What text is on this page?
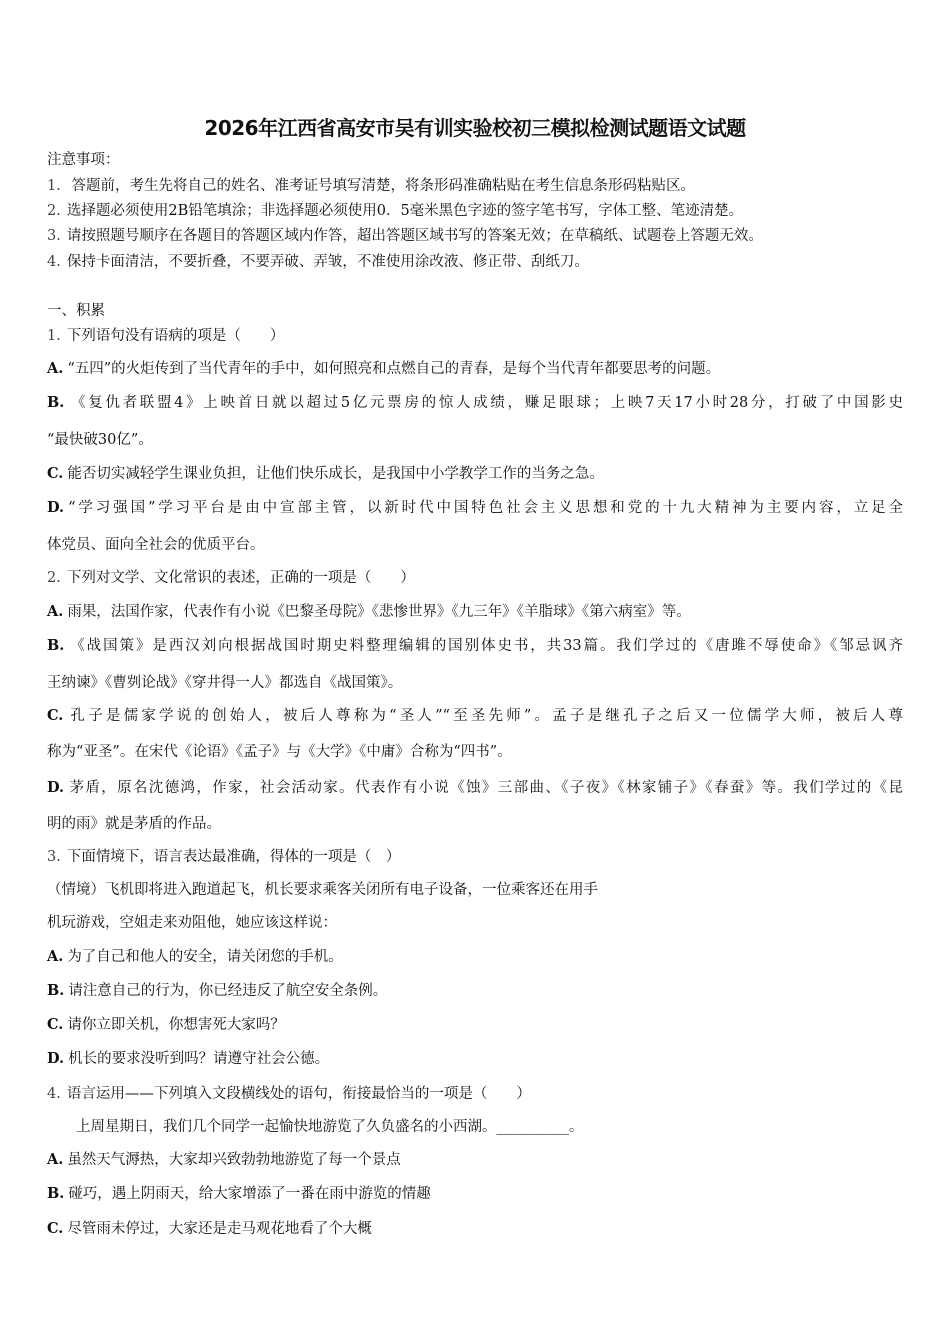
2026年江西省高安市吴有训实验校初三模拟检测试题语文试题
注意事项：
1. 答题前，考生先将自己的姓名、准考证号填写清楚，将条形码准确粘贴在考生信息条形码粘贴区。
2. 选择题必须使用2B铅笔填涂；非选择题必须使用0．5毫米黑色字迹的签字笔书写，字体工整、笔迹清楚。
3. 请按照题号顺序在各题目的答题区域内作答，超出答题区域书写的答案无效；在草稿纸、试题卷上答题无效。
4. 保持卡面清洁，不要折叠，不要弄破、弄皱，不准使用涂改液、修正带、刮纸刀。
一、积累
1. 下列语句没有语病的项是（　　）
A. “五四”的火炬传到了当代青年的手中，如何照亮和点燃自己的青春，是每个当代青年都要思考的问题。
B. 《复仇者联盟4》上映首日就以超过5亿元票房的惊人成绩，赚足眼球；上映7天17小时28分，打破了中国影史
“最快破30亿”。
C. 能否切实减轻学生课业负担，让他们快乐成长，是我国中小学教学工作的当务之急。
D. “学习强国”学习平台是由中宣部主管，以新时代中国特色社会主义思想和党的十九大精神为主要内容，立足全
体党员、面向全社会的优质平台。
2. 下列对文学、文化常识的表述，正确的一项是（　　）
A. 雨果，法国作家，代表作有小说《巴黎圣母院》《悲惨世界》《九三年》《羊脂球》《第六病室》等。
B. 《战国策》是西汉刘向根据战国时期史料整理编辑的国别体史书，共33篇。我们学过的《唐雎不辱使命》《邹忌讽齐
王纳谏》《曹刿论战》《穿井得一人》都选自《战国策》。
C. 孔子是儒家学说的创始人，被后人尊称为“圣人”“至圣先师”。孟子是继孔子之后又一位儒学大师，被后人尊
称为“亚圣”。在宋代《论语》《孟子》与《大学》《中庸》合称为“四书”。
D. 茅盾，原名沈德鸿，作家，社会活动家。代表作有小说《蚀》三部曲、《子夜》《林家铺子》《春蚕》等。我们学过的《昆
明的雨》就是茅盾的作品。
3. 下面情境下，语言表达最准确，得体的一项是（　）
（情境）飞机即将进入跑道起飞，机长要求乘客关闭所有电子设备，一位乘客还在用手
机玩游戏，空姐走来劝阻他，她应该这样说：
A. 为了自己和他人的安全，请关闭您的手机。
B. 请注意自己的行为，你已经违反了航空安全条例。
C. 请你立即关机，你想害死大家吗？
D. 机长的要求没听到吗？请遵守社会公德。
4. 语言运用——下列填入文段横线处的语句，衔接最恰当的一项是（　　）
　　上周星期日，我们几个同学一起愉快地游览了久负盛名的小西湖。__________。
A. 虽然天气溽热，大家却兴致勃勃地游览了每一个景点
B. 碰巧，遇上阴雨天，给大家增添了一番在雨中游览的情趣
C. 尽管雨未停过，大家还是走马观花地看了个大概
